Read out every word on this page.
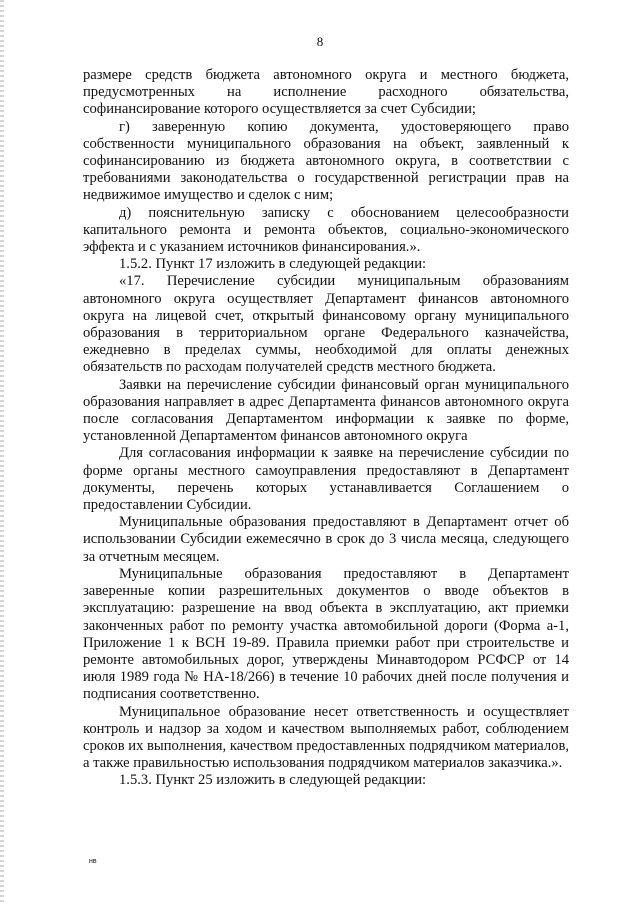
8

размере средств бюджета автономного округа и местного бюджета, предусмотренных на исполнение расходного обязательства, софинансирование которого осуществляется за счет Субсидии;

г) заверенную копию документа, удостоверяющего право собственности муниципального образования на объект, заявленный к софинансированию из бюджета автономного округа, в соответствии с требованиями законодательства о государственной регистрации прав на недвижимое имущество и сделок с ним;

д) пояснительную записку с обоснованием целесообразности капитального ремонта и ремонта объектов, социально-экономического эффекта и с указанием источников финансирования.».

1.5.2. Пункт 17 изложить в следующей редакции:

«17. Перечисление субсидии муниципальным образованиям автономного округа осуществляет Департамент финансов автономного округа на лицевой счет, открытый финансовому органу муниципального образования в территориальном органе Федерального казначейства, ежедневно в пределах суммы, необходимой для оплаты денежных обязательств по расходам получателей средств местного бюджета.

Заявки на перечисление субсидии финансовый орган муниципального образования направляет в адрес Департамента финансов автономного округа после согласования Департаментом информации к заявке по форме, установленной Департаментом финансов автономного округа

Для согласования информации к заявке на перечисление субсидии по форме органы местного самоуправления предоставляют в Департамент документы, перечень которых устанавливается Соглашением о предоставлении Субсидии.

Муниципальные образования предоставляют в Департамент отчет об использовании Субсидии ежемесячно в срок до 3 числа месяца, следующего за отчетным месяцем.

Муниципальные образования предоставляют в Департамент заверенные копии разрешительных документов о вводе объектов в эксплуатацию: разрешение на ввод объекта в эксплуатацию, акт приемки законченных работ по ремонту участка автомобильной дороги (Форма а-1, Приложение 1 к ВСН 19-89. Правила приемки работ при строительстве и ремонте автомобильных дорог, утверждены Минавтодором РСФСР от 14 июля 1989 года № НА-18/266) в течение 10 рабочих дней после получения и подписания соответственно.

Муниципальное образование несет ответственность и осуществляет контроль и надзор за ходом и качеством выполняемых работ, соблюдением сроков их выполнения, качеством предоставленных подрядчиком материалов, а также правильностью использования подрядчиком материалов заказчика.».

1.5.3. Пункт 25 изложить в следующей редакции:

нв
